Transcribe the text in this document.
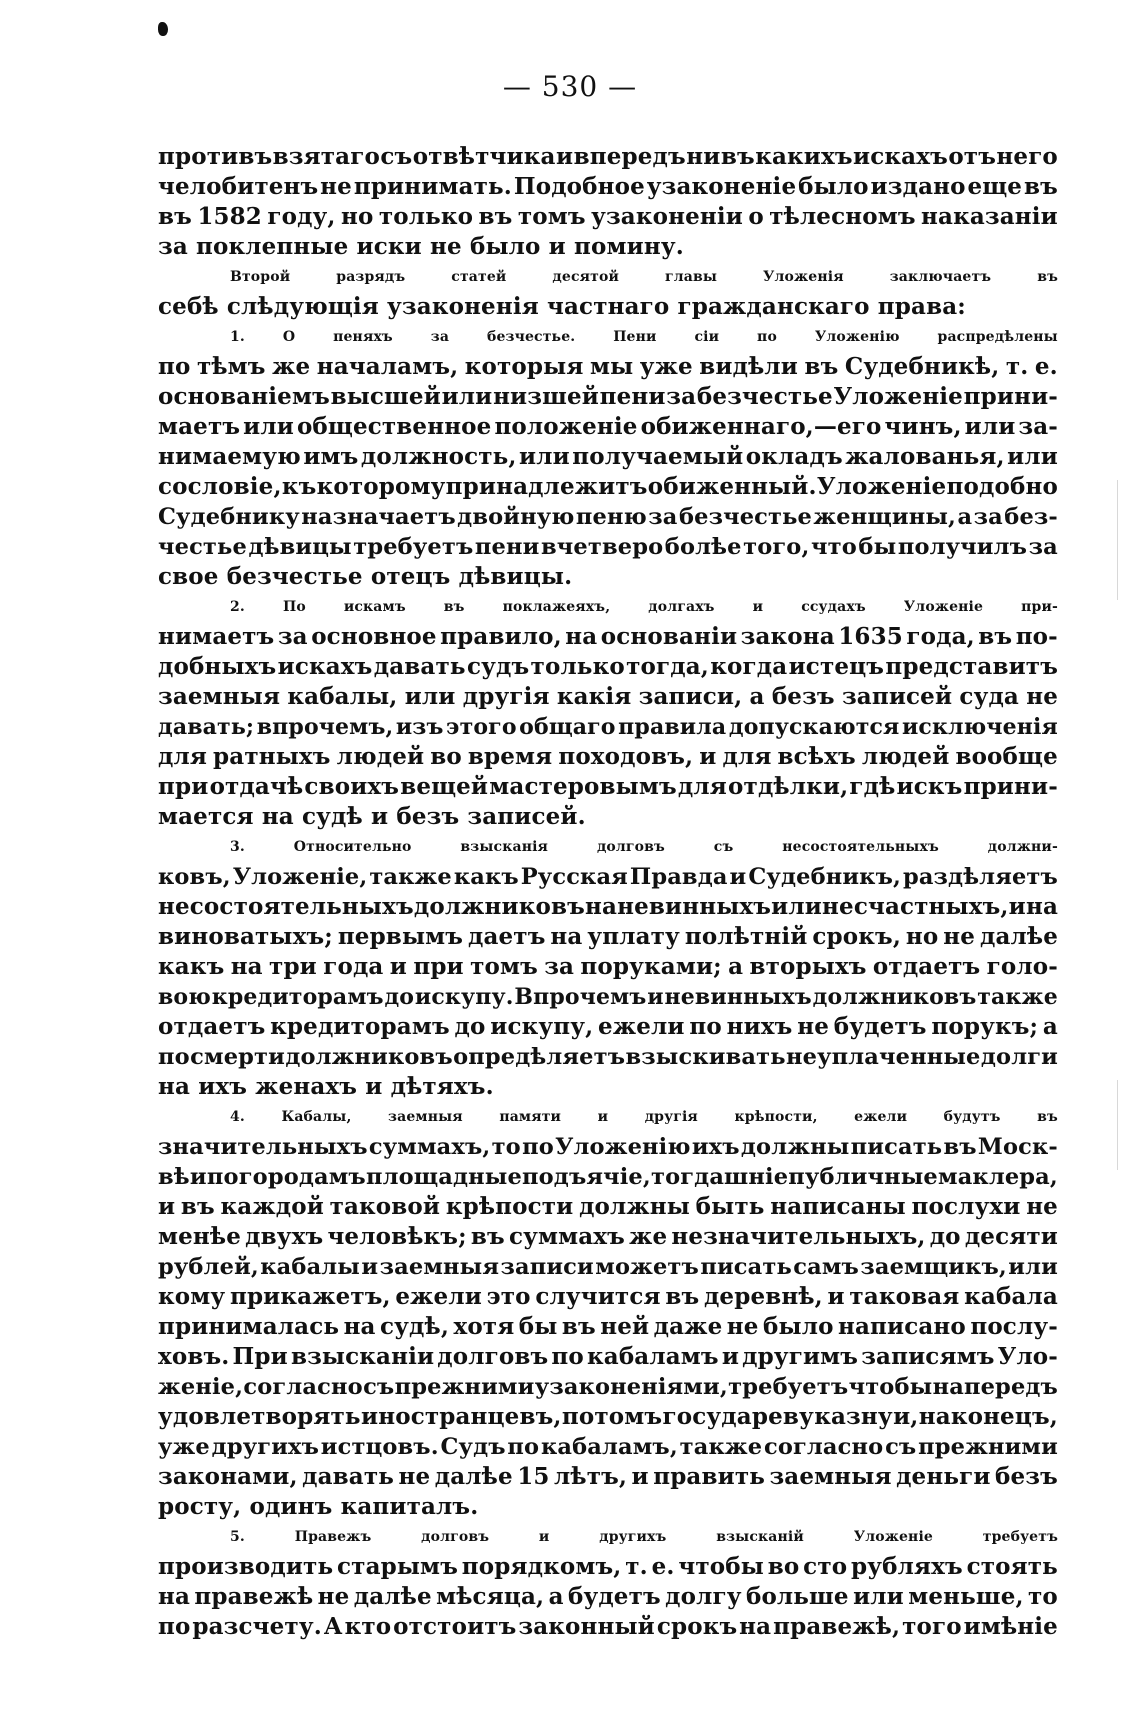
— 530 —
противъ взятаго съ отвѣтчика и впередъ ни въ какихъ искахъ отъ него
челобитенъ не принимать. Подобное узаконеніе было издано еще въ
въ 1582 году, но только въ томъ узаконеніи о тѣлесномъ наказаніи
за поклепные иски не было и помину.
Второй	разрядъ	статей	десятой	главы	Уложенія	заключаетъ	въ
себѣ слѣдующія узаконенія частнаго гражданскаго права:
1.	О	пеняхъ	за	безчестье.	Пени	сіи	по	Уложенію	распредѣлены
по тѣмъ же началамъ, которыя мы уже видѣли въ Судебникѣ, т. е.
основаніемъ высшей или низшей пени за безчестье Уложеніе прини-
маетъ или общественное положеніе обиженнаго,—его чинъ, или за-
нимаемую имъ должность, или получаемый окладъ жалованья, или
сословіе, къ которому принадлежитъ обиженный. Уложеніе подобно
Судебнику назначаетъ двойную пеню за безчестье женщины, а за без-
честье дѣвицы требуетъ пени вчетверо болѣе того, что бы получилъ за
свое безчестье отецъ дѣвицы.
2.	По	искамъ	въ	поклажеяхъ,	долгахъ	и	ссудахъ	Уложеніе	при-
нимаетъ за основное правило, на основаніи закона 1635 года, въ по-
добныхъ искахъ давать судъ только тогда, когда истецъ представитъ
заемныя кабалы, или другія какія записи, а безъ записей суда не
давать; впрочемъ, изъ этого общаго правила допускаются исключенія
для ратныхъ людей во время походовъ, и для всѣхъ людей вообще
при отдачѣ своихъ вещей мастеровымъ для отдѣлки, гдѣ искъ прини-
мается на судѣ и безъ записей.
3.	Относительно	взысканія	долговъ	съ	несостоятельныхъ	должни-
ковъ, Уложеніе, также какъ Русская Правда и Судебникъ, раздѣляетъ
несостоятельныхъ должниковъ на невинныхъ или несчастныхъ, и на
виноватыхъ; первымъ даетъ на уплату полѣтній срокъ, но не далѣе
какъ на три года и при томъ за поруками; а вторыхъ отдаетъ голо-
вою кредиторамъ до искупу. Впрочемъ и невинныхъ должниковъ также
отдаетъ кредиторамъ до искупу, ежели по нихъ не будетъ порукъ; а
по смерти должниковъ опредѣляетъ взыскивать неуплаченные долги
на ихъ женахъ и дѣтяхъ.
4.	Кабалы,	заемныя	памяти	и	другія	крѣпости,	ежели	будутъ	въ
значительныхъ суммахъ, то по Уложенію ихъ должны писать въ Моск-
вѣ и по городамъ площадные подъячіе, тогдашніе публичные маклера,
и въ каждой таковой крѣпости должны быть написаны послухи не
менѣе двухъ человѣкъ; въ суммахъ же незначительныхъ, до десяти
рублей, кабалы и заемныя записи можетъ писать самъ заемщикъ, или
кому прикажетъ, ежели это случится въ деревнѣ, и таковая кабала
принималась на судѣ, хотя бы въ ней даже не было написано послу-
ховъ. При взысканіи долговъ по кабаламъ и другимъ записямъ Уло-
женіе, согласно съ прежними узаконеніями, требуетъ чтобы напередъ
удовлетворять иностранцевъ, потомъ государеву казну и, наконецъ,
уже другихъ истцовъ. Судъ по кабаламъ, также согласно съ прежними
законами, давать не далѣе 15 лѣтъ, и править заемныя деньги безъ
росту, одинъ капиталъ.
5.	Правежъ	долговъ	и	другихъ	взысканій	Уложеніе	требуетъ
производить старымъ порядкомъ, т. е. чтобы во сто рубляхъ стоять
на правежѣ не далѣе мѣсяца, а будетъ долгу больше или меньше, то
по разсчету. А кто отстоитъ законный срокъ на правежѣ, того имѣніе
